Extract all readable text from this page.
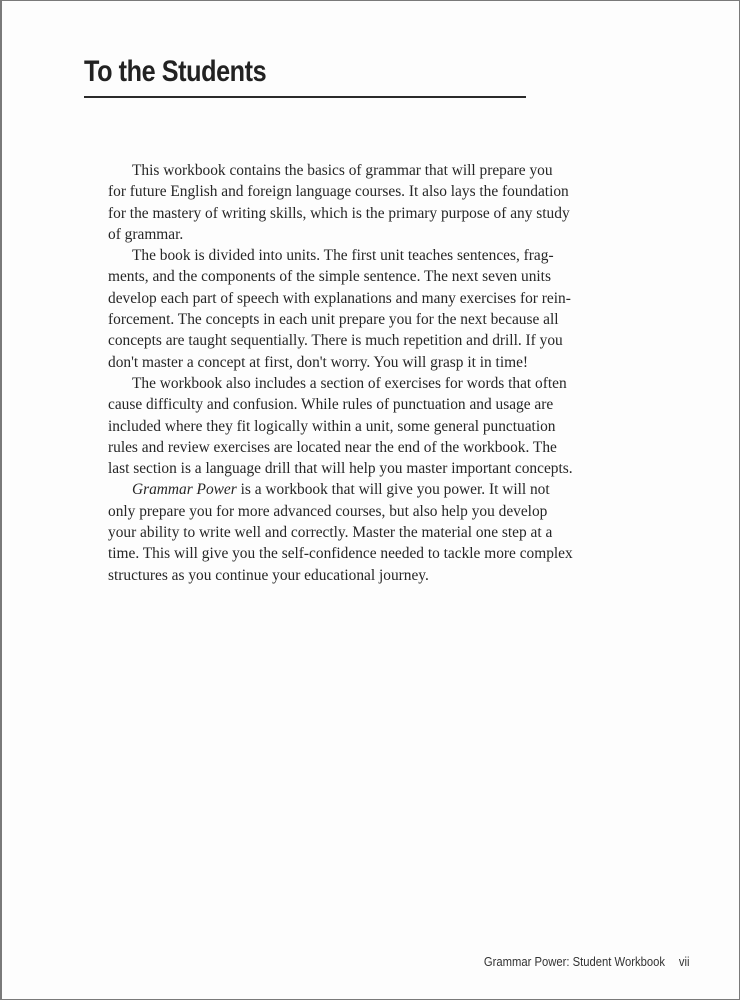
To the Students

This workbook contains the basics of grammar that will prepare you
for future English and foreign language courses. It also lays the foundation
for the mastery of writing skills, which is the primary purpose of any study
of grammar.

The book is divided into units. The first unit teaches sentences, frag-
ments, and the components of the simple sentence. The next seven units
develop each part of speech with explanations and many exercises for rein-
forcement. The concepts in each unit prepare you for the next because all
concepts are taught sequentially. There is much repetition and drill. If you
don't master a concept at first, don't worry. You will grasp it in time!

The workbook also includes a section of exercises for words that often
cause difficulty and confusion. While rules of punctuation and usage are
included where they fit logically within a unit, some general punctuation
rules and review exercises are located near the end of the workbook. The
last section is a language drill that will help you master important concepts.

Grammar Power is a workbook that will give you power. It will not
only prepare you for more advanced courses, but also help you develop
your ability to write well and correctly. Master the material one step at a
time. This will give you the self-confidence needed to tackle more complex
structures as you continue your educational journey.

Grammar Power: Student Workbook vii
